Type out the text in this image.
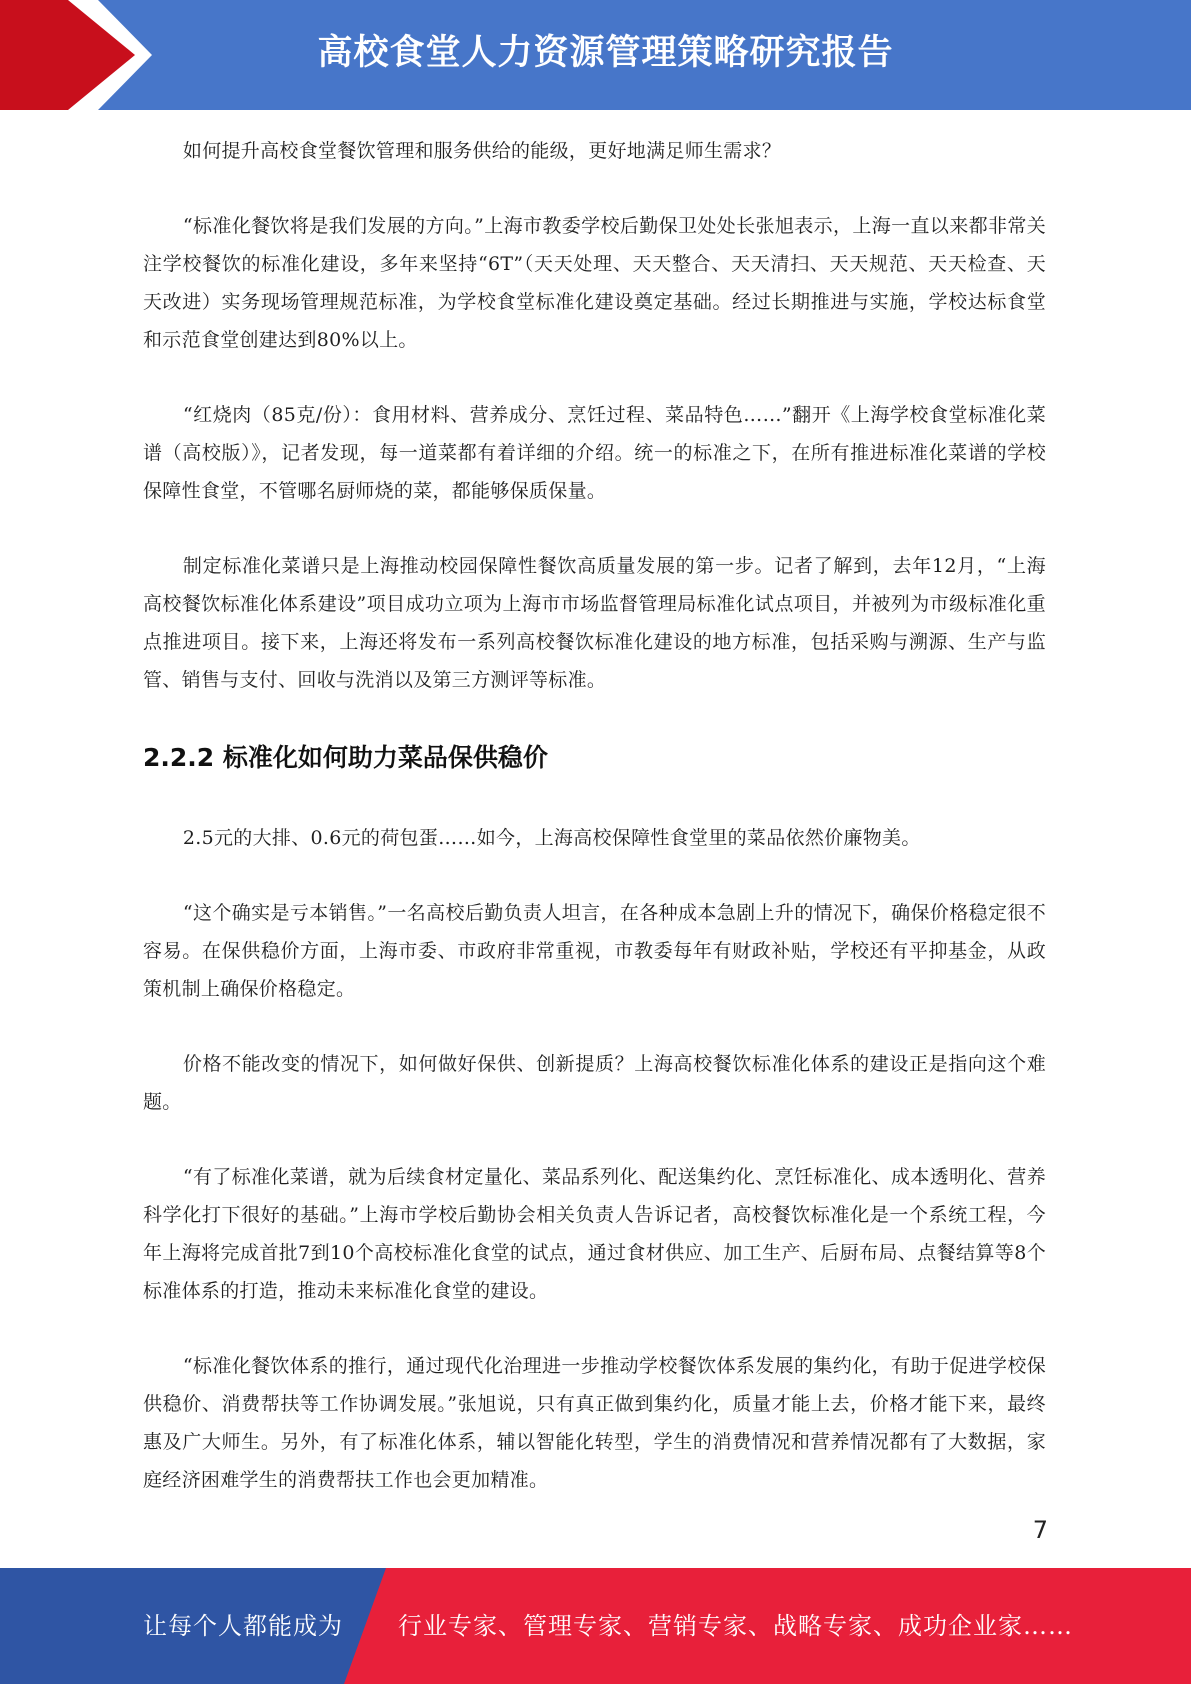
高校食堂人力资源管理策略研究报告

如何提升高校食堂餐饮管理和服务供给的能级，更好地满足师生需求？

“标准化餐饮将是我们发展的方向。”上海市教委学校后勤保卫处处长张旭表示，上海一直以来都非常关注学校餐饮的标准化建设，多年来坚持“6T”（天天处理、天天整合、天天清扫、天天规范、天天检查、天天改进）实务现场管理规范标准，为学校食堂标准化建设奠定基础。经过长期推进与实施，学校达标食堂和示范食堂创建达到80%以上。

“红烧肉（85克/份）：食用材料、营养成分、烹饪过程、菜品特色……”翻开《上海学校食堂标准化菜谱（高校版）》，记者发现，每一道菜都有着详细的介绍。统一的标准之下，在所有推进标准化菜谱的学校保障性食堂，不管哪名厨师烧的菜，都能够保质保量。

制定标准化菜谱只是上海推动校园保障性餐饮高质量发展的第一步。记者了解到，去年12月，“上海高校餐饮标准化体系建设”项目成功立项为上海市市场监督管理局标准化试点项目，并被列为市级标准化重点推进项目。接下来，上海还将发布一系列高校餐饮标准化建设的地方标准，包括采购与溯源、生产与监管、销售与支付、回收与洗消以及第三方测评等标准。

2.2.2 标准化如何助力菜品保供稳价

2.5元的大排、0.6元的荷包蛋……如今，上海高校保障性食堂里的菜品依然价廉物美。

“这个确实是亏本销售。”一名高校后勤负责人坦言，在各种成本急剧上升的情况下，确保价格稳定很不容易。在保供稳价方面，上海市委、市政府非常重视，市教委每年有财政补贴，学校还有平抑基金，从政策机制上确保价格稳定。

价格不能改变的情况下，如何做好保供、创新提质？上海高校餐饮标准化体系的建设正是指向这个难题。

“有了标准化菜谱，就为后续食材定量化、菜品系列化、配送集约化、烹饪标准化、成本透明化、营养科学化打下很好的基础。”上海市学校后勤协会相关负责人告诉记者，高校餐饮标准化是一个系统工程，今年上海将完成首批7到10个高校标准化食堂的试点，通过食材供应、加工生产、后厨布局、点餐结算等8个标准体系的打造，推动未来标准化食堂的建设。

“标准化餐饮体系的推行，通过现代化治理进一步推动学校餐饮体系发展的集约化，有助于促进学校保供稳价、消费帮扶等工作协调发展。”张旭说，只有真正做到集约化，质量才能上去，价格才能下来，最终惠及广大师生。另外，有了标准化体系，辅以智能化转型，学生的消费情况和营养情况都有了大数据，家庭经济困难学生的消费帮扶工作也会更加精准。

7
让每个人都能成为 行业专家、管理专家、营销专家、战略专家、成功企业家……
